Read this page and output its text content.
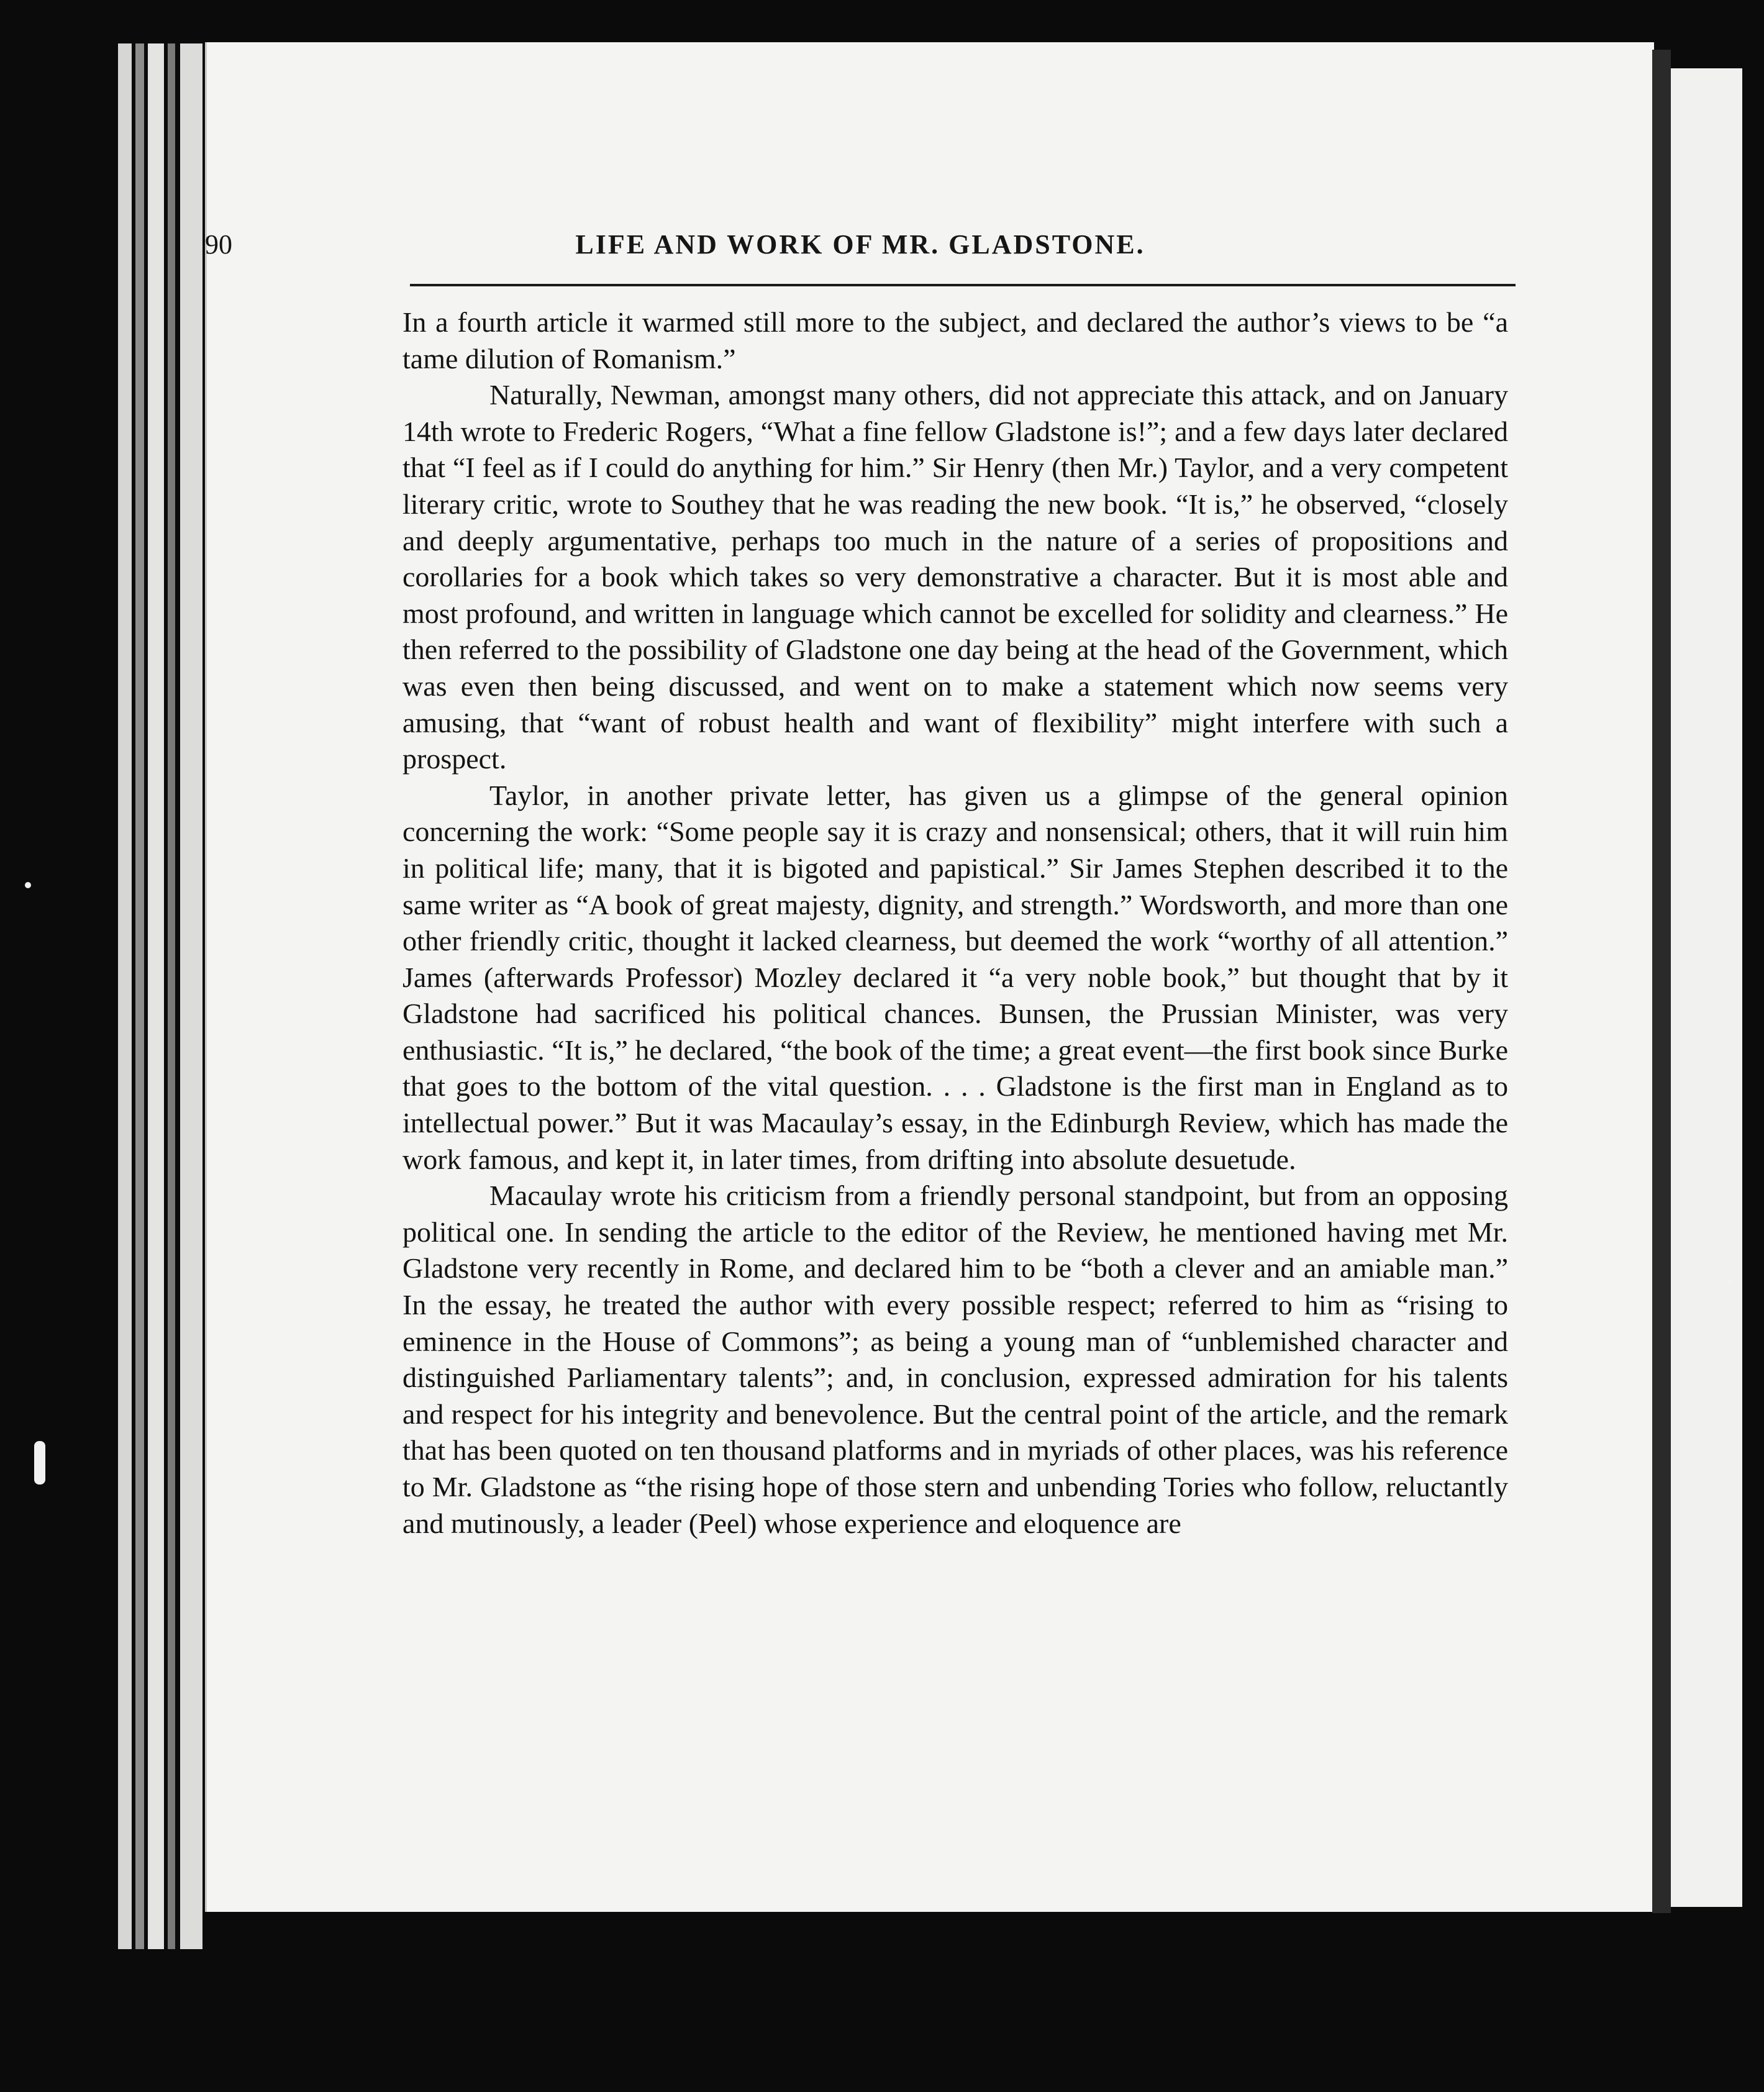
90	LIFE AND WORK OF MR. GLADSTONE.

In a fourth article it warmed still more to the subject, and declared the author’s views to be “a tame dilution of Romanism.”

Naturally, Newman, amongst many others, did not appreciate this attack, and on January 14th wrote to Frederic Rogers, “What a fine fellow Gladstone is!”; and a few days later declared that “I feel as if I could do anything for him.” Sir Henry (then Mr.) Taylor, and a very competent literary critic, wrote to Southey that he was reading the new book. “It is,” he observed, “closely and deeply argumentative, perhaps too much in the nature of a series of propositions and corollaries for a book which takes so very demonstrative a character. But it is most able and most profound, and written in language which cannot be excelled for solidity and clearness.” He then referred to the possibility of Gladstone one day being at the head of the Government, which was even then being discussed, and went on to make a statement which now seems very amusing, that “want of robust health and want of flexibility” might interfere with such a prospect.

Taylor, in another private letter, has given us a glimpse of the general opinion concerning the work: “Some people say it is crazy and nonsensical; others, that it will ruin him in political life; many, that it is bigoted and papistical.” Sir James Stephen described it to the same writer as “A book of great majesty, dignity, and strength.” Wordsworth, and more than one other friendly critic, thought it lacked clearness, but deemed the work “worthy of all attention.” James (afterwards Professor) Mozley declared it “a very noble book,” but thought that by it Gladstone had sacrificed his political chances. Bunsen, the Prussian Minister, was very enthusiastic. “It is,” he declared, “the book of the time; a great event—the first book since Burke that goes to the bottom of the vital question. . . . Gladstone is the first man in England as to intellectual power.” But it was Macaulay’s essay, in the Edinburgh Review, which has made the work famous, and kept it, in later times, from drifting into absolute desuetude.

Macaulay wrote his criticism from a friendly personal standpoint, but from an opposing political one. In sending the article to the editor of the Review, he mentioned having met Mr. Gladstone very recently in Rome, and declared him to be “both a clever and an amiable man.” In the essay, he treated the author with every possible respect; referred to him as “rising to eminence in the House of Commons”; as being a young man of “unblemished character and distinguished Parliamentary talents”; and, in conclusion, expressed admiration for his talents and respect for his integrity and benevolence. But the central point of the article, and the remark that has been quoted on ten thousand platforms and in myriads of other places, was his reference to Mr. Gladstone as “the rising hope of those stern and unbending Tories who follow, reluctantly and mutinously, a leader (Peel) whose experience and eloquence are
